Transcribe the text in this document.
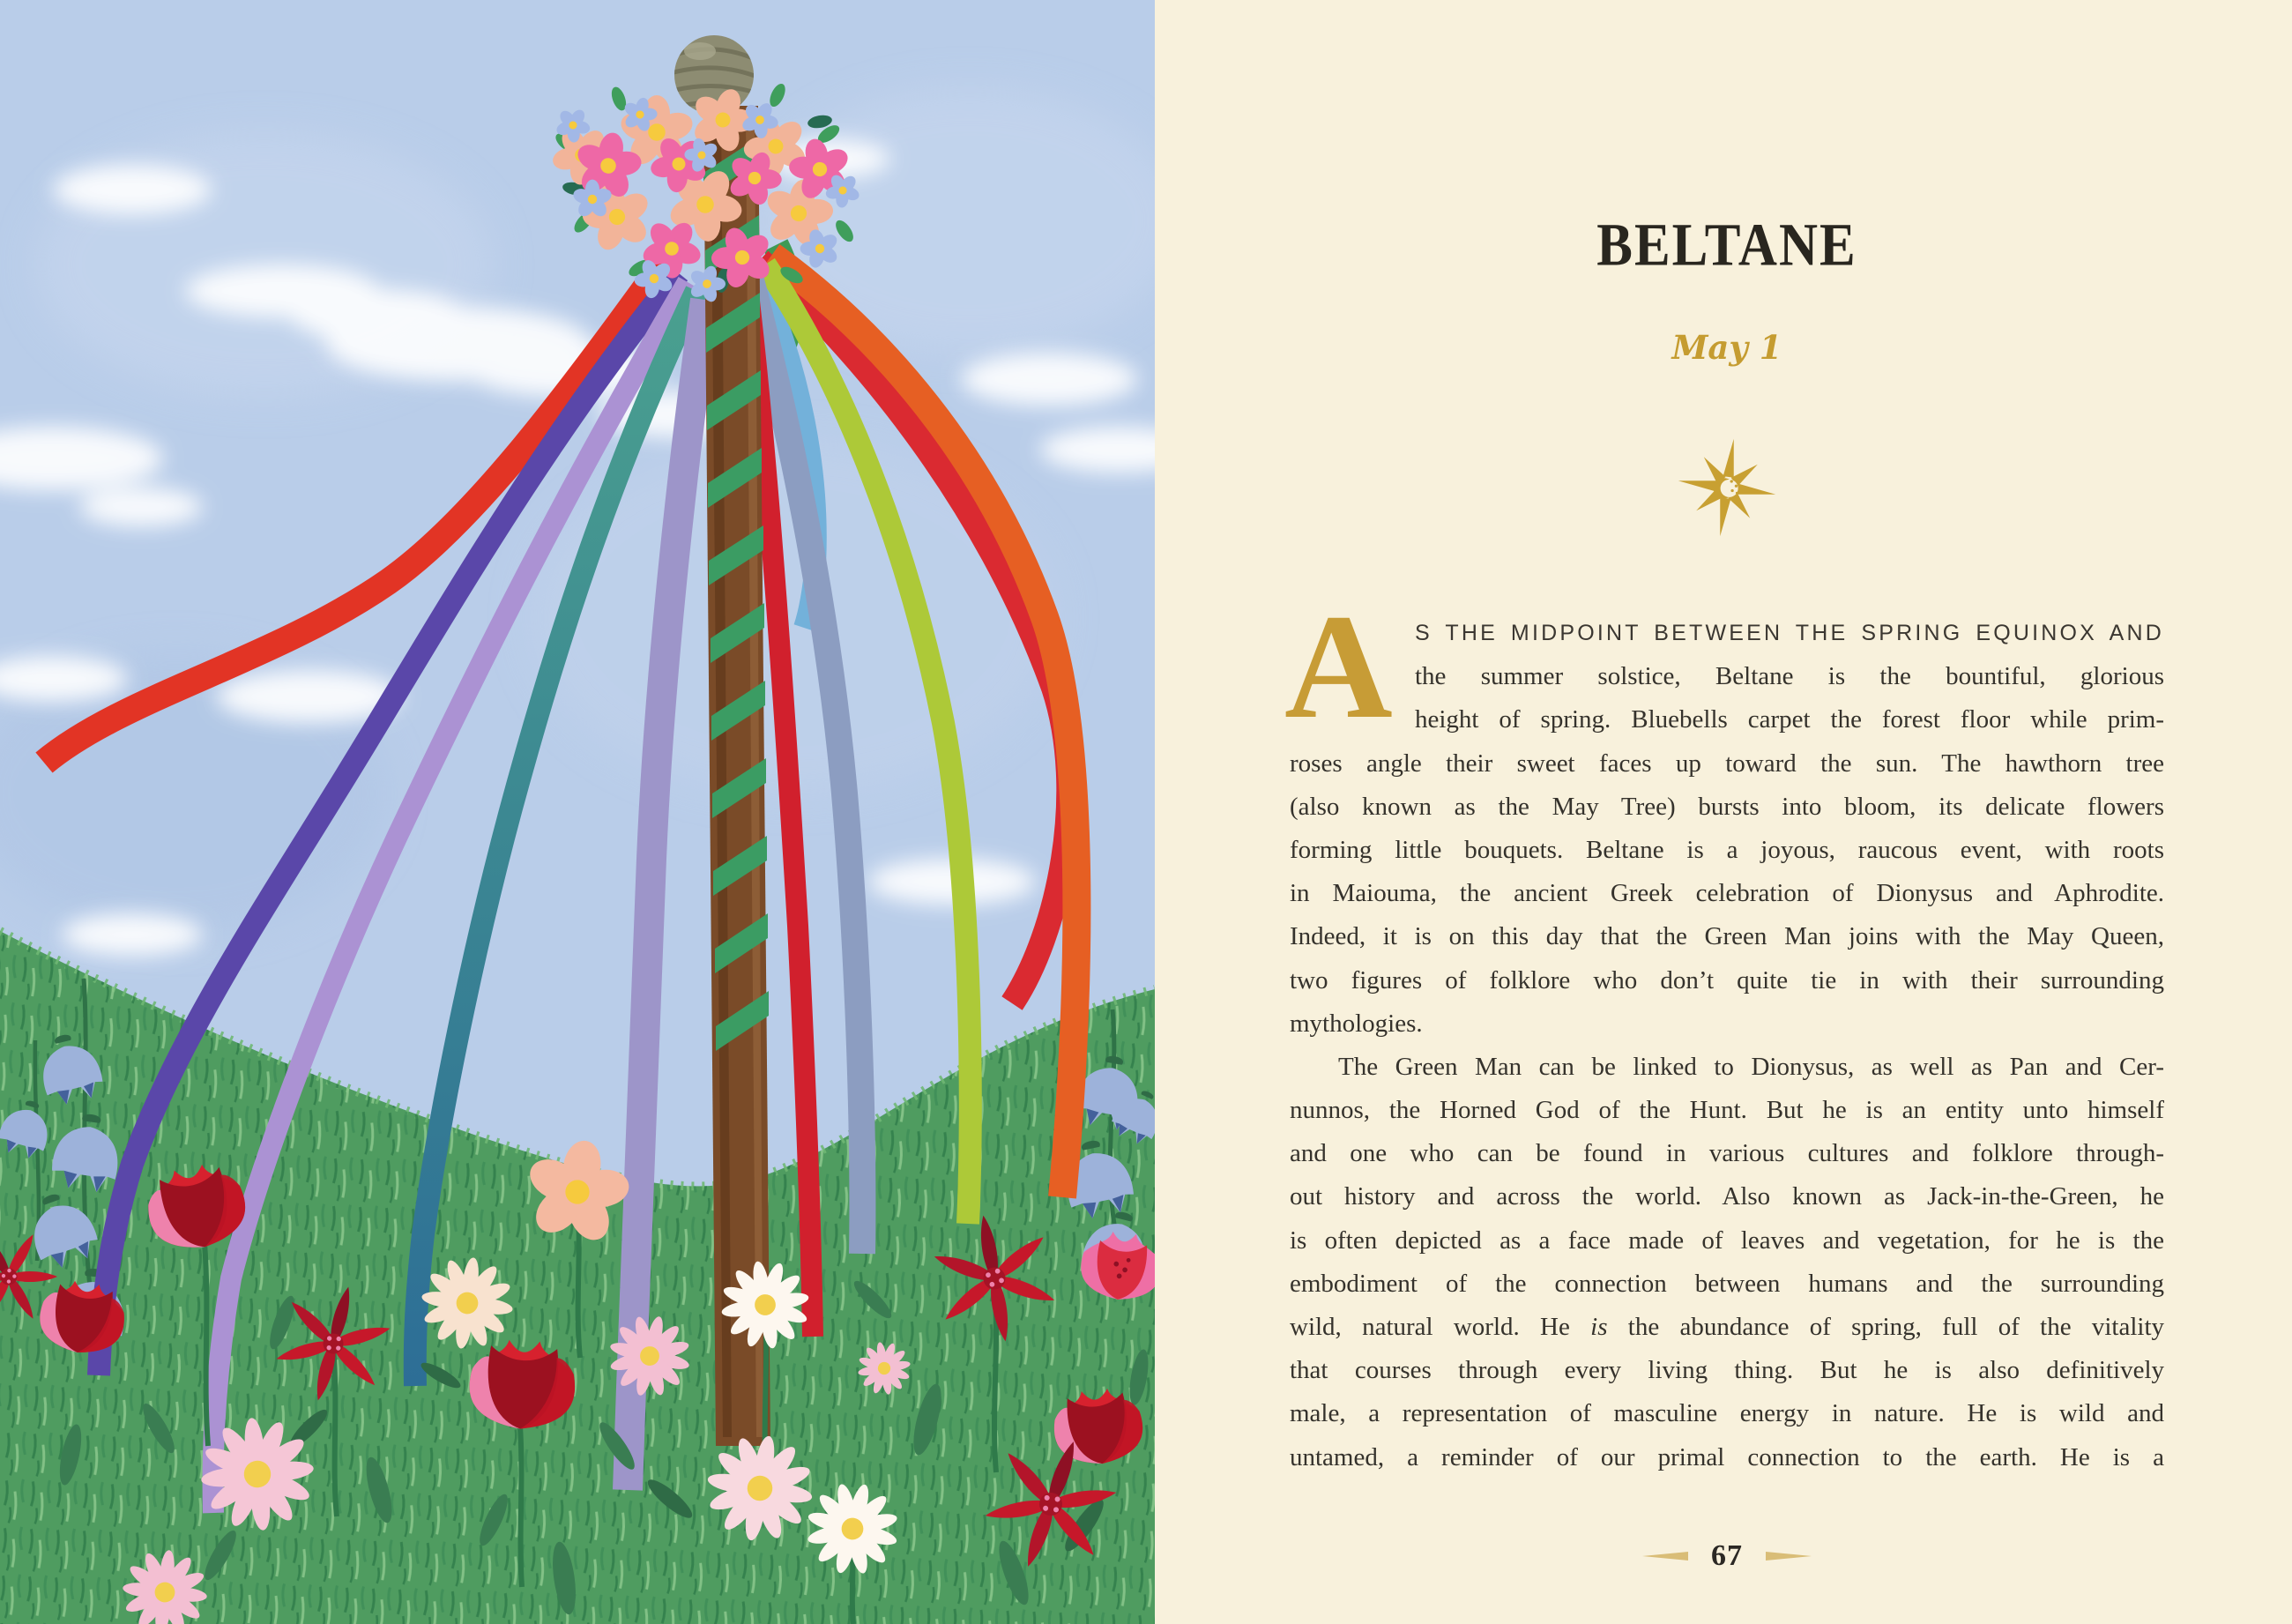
BELTANE
May 1
A	S THE MIDPOINT BETWEEN THE SPRING EQUINOX AND
the summer solstice, Beltane is the bountiful, glorious
height of spring. Bluebells carpet the forest floor while prim-
roses angle their sweet faces up toward the sun. The hawthorn tree
(also known as the May Tree) bursts into bloom, its delicate flowers
forming little bouquets. Beltane is a joyous, raucous event, with roots
in Maiouma, the ancient Greek celebration of Dionysus and Aphrodite.
Indeed, it is on this day that the Green Man joins with the May Queen,
two figures of folklore who don’t quite tie in with their surrounding
mythologies.
The Green Man can be linked to Dionysus, as well as Pan and Cer-
nunnos, the Horned God of the Hunt. But he is an entity unto himself
and one who can be found in various cultures and folklore through-
out history and across the world. Also known as Jack-in-the-Green, he
is often depicted as a face made of leaves and vegetation, for he is the
embodiment of the connection between humans and the surrounding
wild, natural world. He is the abundance of spring, full of the vitality
that courses through every living thing. But he is also definitively
male, a representation of masculine energy in nature. He is wild and
untamed, a reminder of our primal connection to the earth. He is a
67
